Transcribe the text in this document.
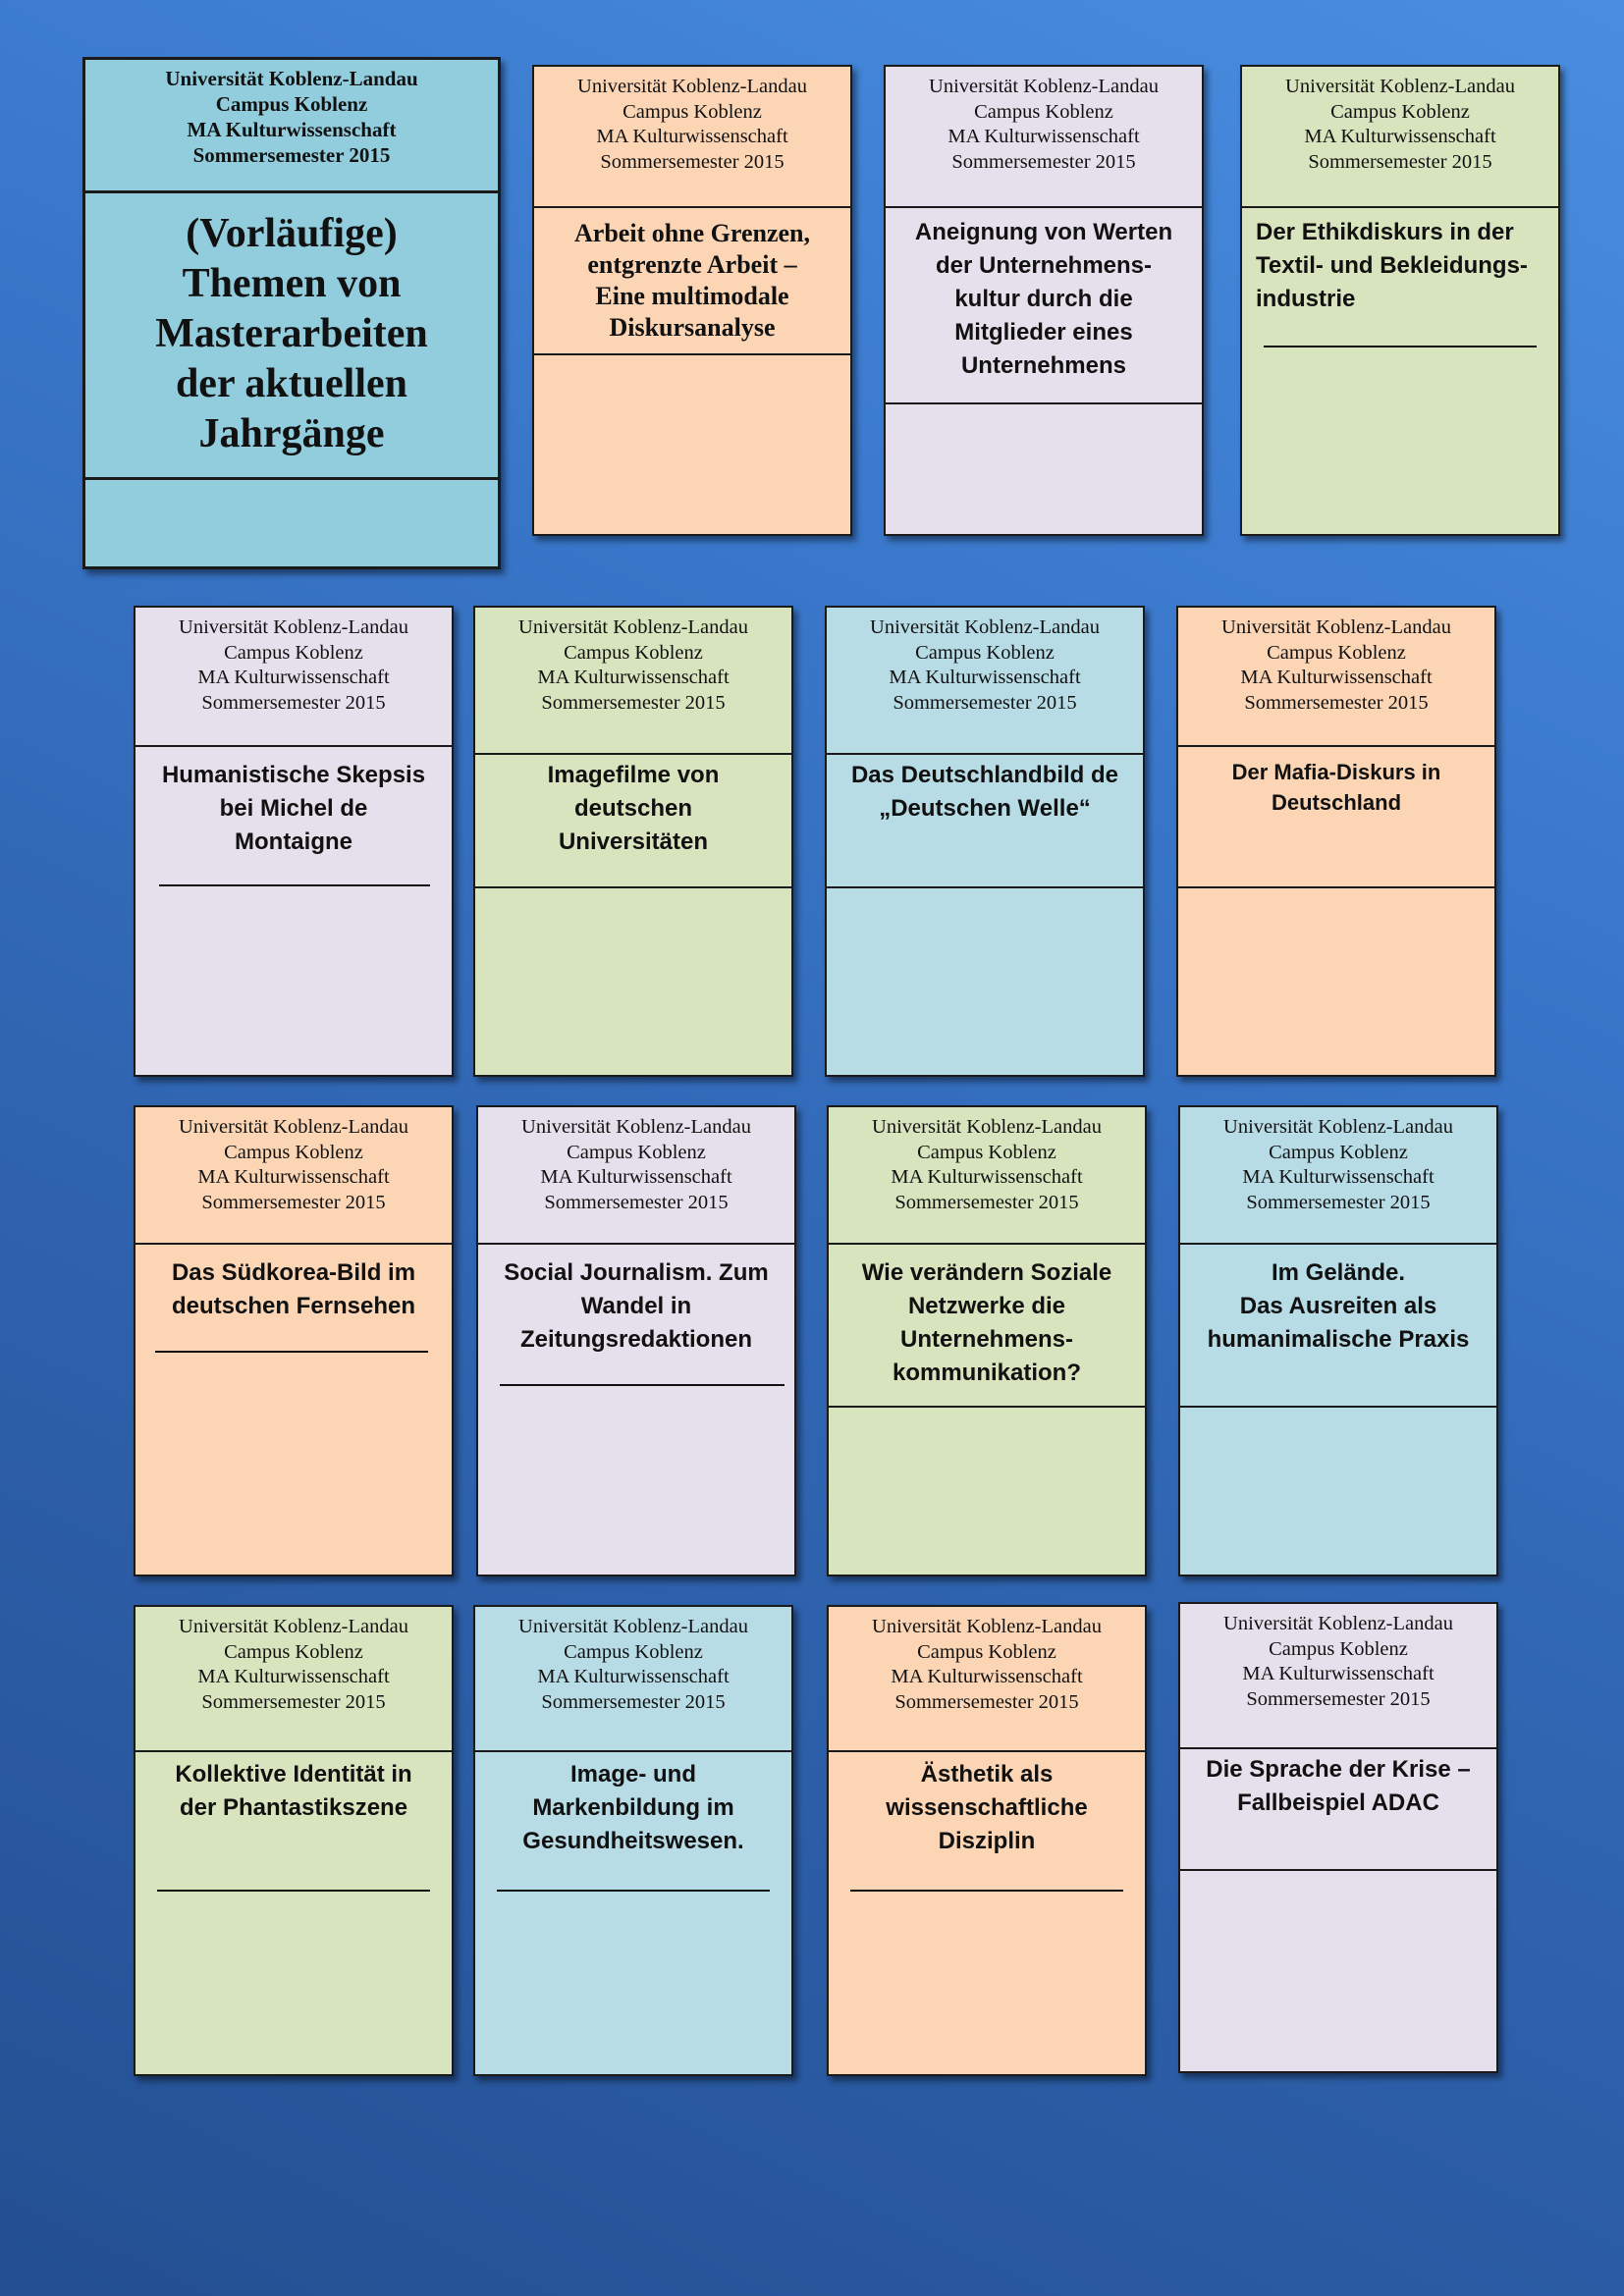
Universität Koblenz-Landau
Campus Koblenz
MA Kulturwissenschaft
Sommersemester 2015
(Vorläufige)
Themen von
Masterarbeiten
der aktuellen
Jahrgänge
Universität Koblenz-Landau
Campus Koblenz
MA Kulturwissenschaft
Sommersemester 2015
Arbeit ohne Grenzen,
entgrenzte Arbeit –
Eine multimodale
Diskursanalyse
Universität Koblenz-Landau
Campus Koblenz
MA Kulturwissenschaft
Sommersemester 2015
Aneignung von Werten
der Unternehmens-
kultur durch die
Mitglieder eines
Unternehmens
Universität Koblenz-Landau
Campus Koblenz
MA Kulturwissenschaft
Sommersemester 2015
Der Ethikdiskurs in der
Textil- und Bekleidungs-
industrie
Universität Koblenz-Landau
Campus Koblenz
MA Kulturwissenschaft
Sommersemester 2015
Humanistische Skepsis
bei Michel de
Montaigne
Universität Koblenz-Landau
Campus Koblenz
MA Kulturwissenschaft
Sommersemester 2015
Imagefilme von
deutschen
Universitäten
Universität Koblenz-Landau
Campus Koblenz
MA Kulturwissenschaft
Sommersemester 2015
Das Deutschlandbild de
„Deutschen Welle“
Universität Koblenz-Landau
Campus Koblenz
MA Kulturwissenschaft
Sommersemester 2015
Der Mafia-Diskurs in
Deutschland
Universität Koblenz-Landau
Campus Koblenz
MA Kulturwissenschaft
Sommersemester 2015
Das Südkorea-Bild im
deutschen Fernsehen
Universität Koblenz-Landau
Campus Koblenz
MA Kulturwissenschaft
Sommersemester 2015
Social Journalism. Zum
Wandel in
Zeitungsredaktionen
Universität Koblenz-Landau
Campus Koblenz
MA Kulturwissenschaft
Sommersemester 2015
Wie verändern Soziale
Netzwerke die
Unternehmens-
kommunikation?
Universität Koblenz-Landau
Campus Koblenz
MA Kulturwissenschaft
Sommersemester 2015
Im Gelände.
Das Ausreiten als
humanimalische Praxis
Universität Koblenz-Landau
Campus Koblenz
MA Kulturwissenschaft
Sommersemester 2015
Kollektive Identität in
der Phantastikszene
Universität Koblenz-Landau
Campus Koblenz
MA Kulturwissenschaft
Sommersemester 2015
Image- und
Markenbildung im
Gesundheitswesen.
Universität Koblenz-Landau
Campus Koblenz
MA Kulturwissenschaft
Sommersemester 2015
Ästhetik als
wissenschaftliche
Disziplin
Universität Koblenz-Landau
Campus Koblenz
MA Kulturwissenschaft
Sommersemester 2015
Die Sprache der Krise –
Fallbeispiel ADAC
